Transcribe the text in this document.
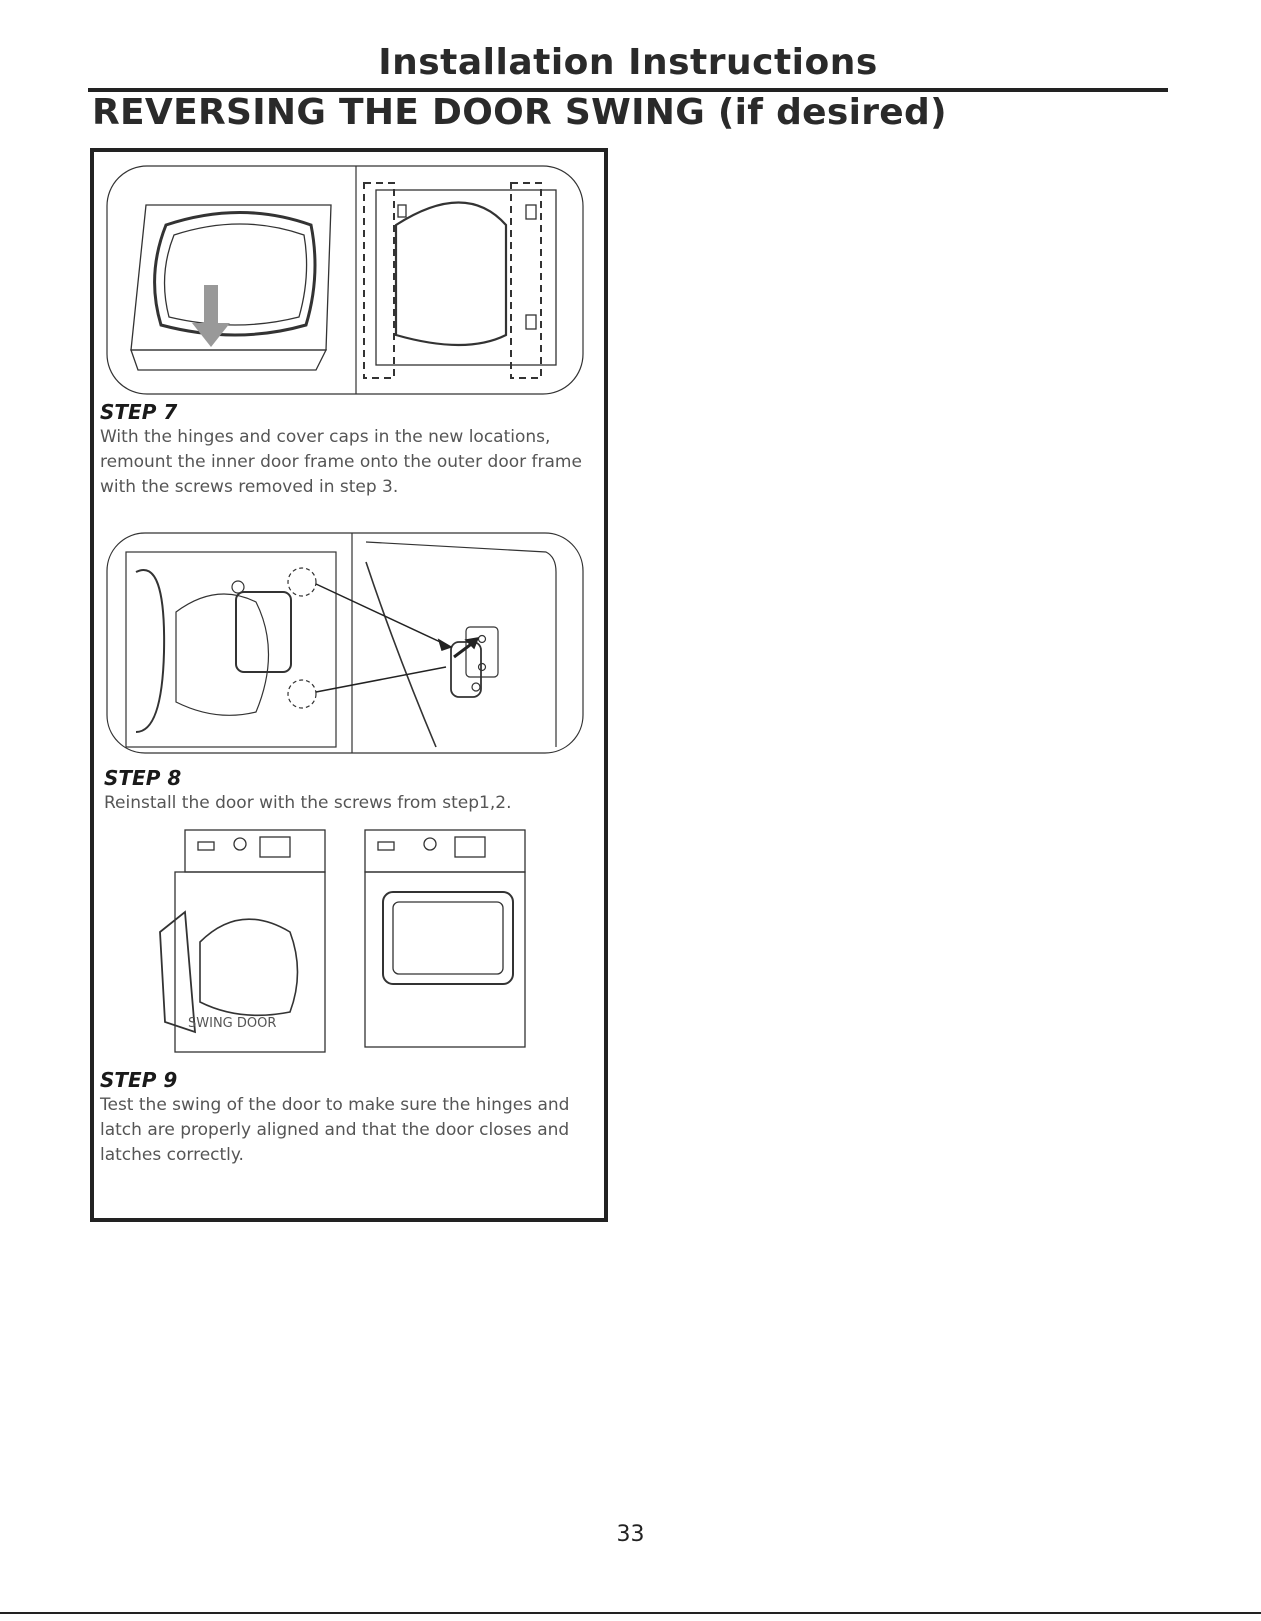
Installation Instructions
REVERSING THE DOOR SWING (if desired)
STEP 7
With the hinges and cover caps in the new locations, remount the inner door frame onto the outer door frame with the screws removed in step 3.
STEP 8
Reinstall the door with the screws from step1,2.
SWING DOOR
STEP 9
Test the swing of the door to make sure the hinges and latch are properly aligned and that the door closes and latches correctly.
33
